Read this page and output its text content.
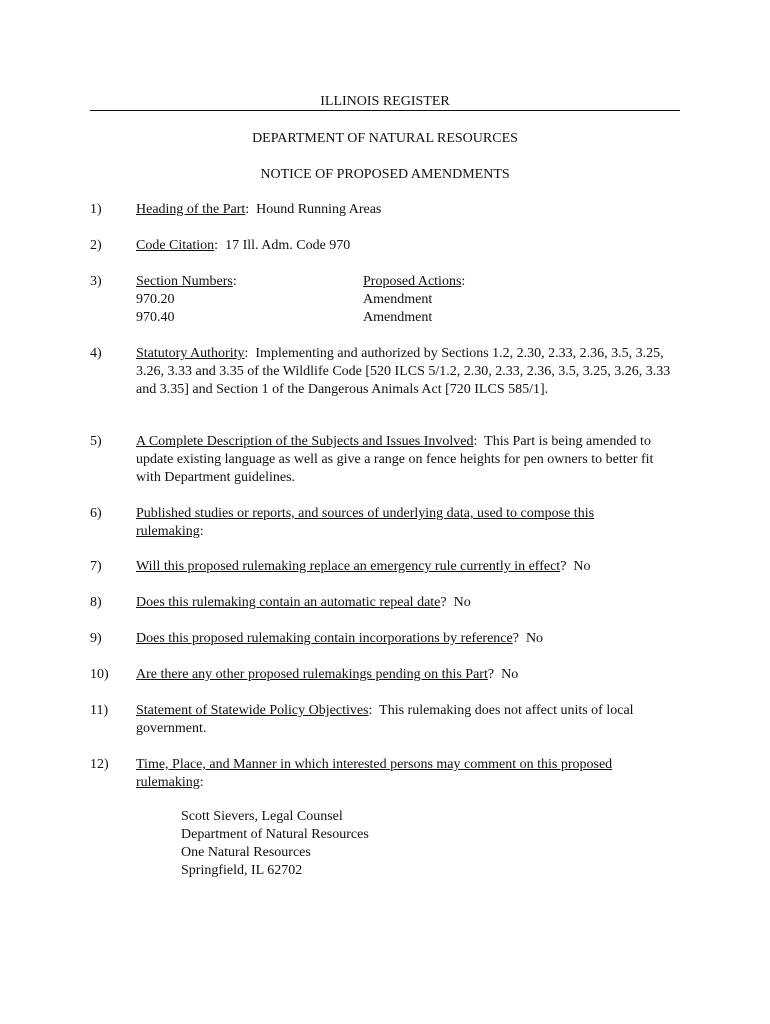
ILLINOIS REGISTER
DEPARTMENT OF NATURAL RESOURCES
NOTICE OF PROPOSED AMENDMENTS
1) Heading of the Part:  Hound Running Areas
2) Code Citation:  17 Ill. Adm. Code 970
3) Section Numbers:	Proposed Actions:
970.20	Amendment
970.40	Amendment
4) Statutory Authority:  Implementing and authorized by Sections 1.2, 2.30, 2.33, 2.36, 3.5, 3.25, 3.26, 3.33 and 3.35 of the Wildlife Code [520 ILCS 5/1.2, 2.30, 2.33, 2.36, 3.5, 3.25, 3.26, 3.33 and 3.35] and Section 1 of the Dangerous Animals Act [720 ILCS 585/1].
5) A Complete Description of the Subjects and Issues Involved:  This Part is being amended to update existing language as well as give a range on fence heights for pen owners to better fit with Department guidelines.
6) Published studies or reports, and sources of underlying data, used to compose this rulemaking:
7) Will this proposed rulemaking replace an emergency rule currently in effect?  No
8) Does this rulemaking contain an automatic repeal date?  No
9) Does this proposed rulemaking contain incorporations by reference?  No
10) Are there any other proposed rulemakings pending on this Part?  No
11) Statement of Statewide Policy Objectives:  This rulemaking does not affect units of local government.
12) Time, Place, and Manner in which interested persons may comment on this proposed rulemaking:
Scott Sievers, Legal Counsel
Department of Natural Resources
One Natural Resources
Springfield, IL 62702
